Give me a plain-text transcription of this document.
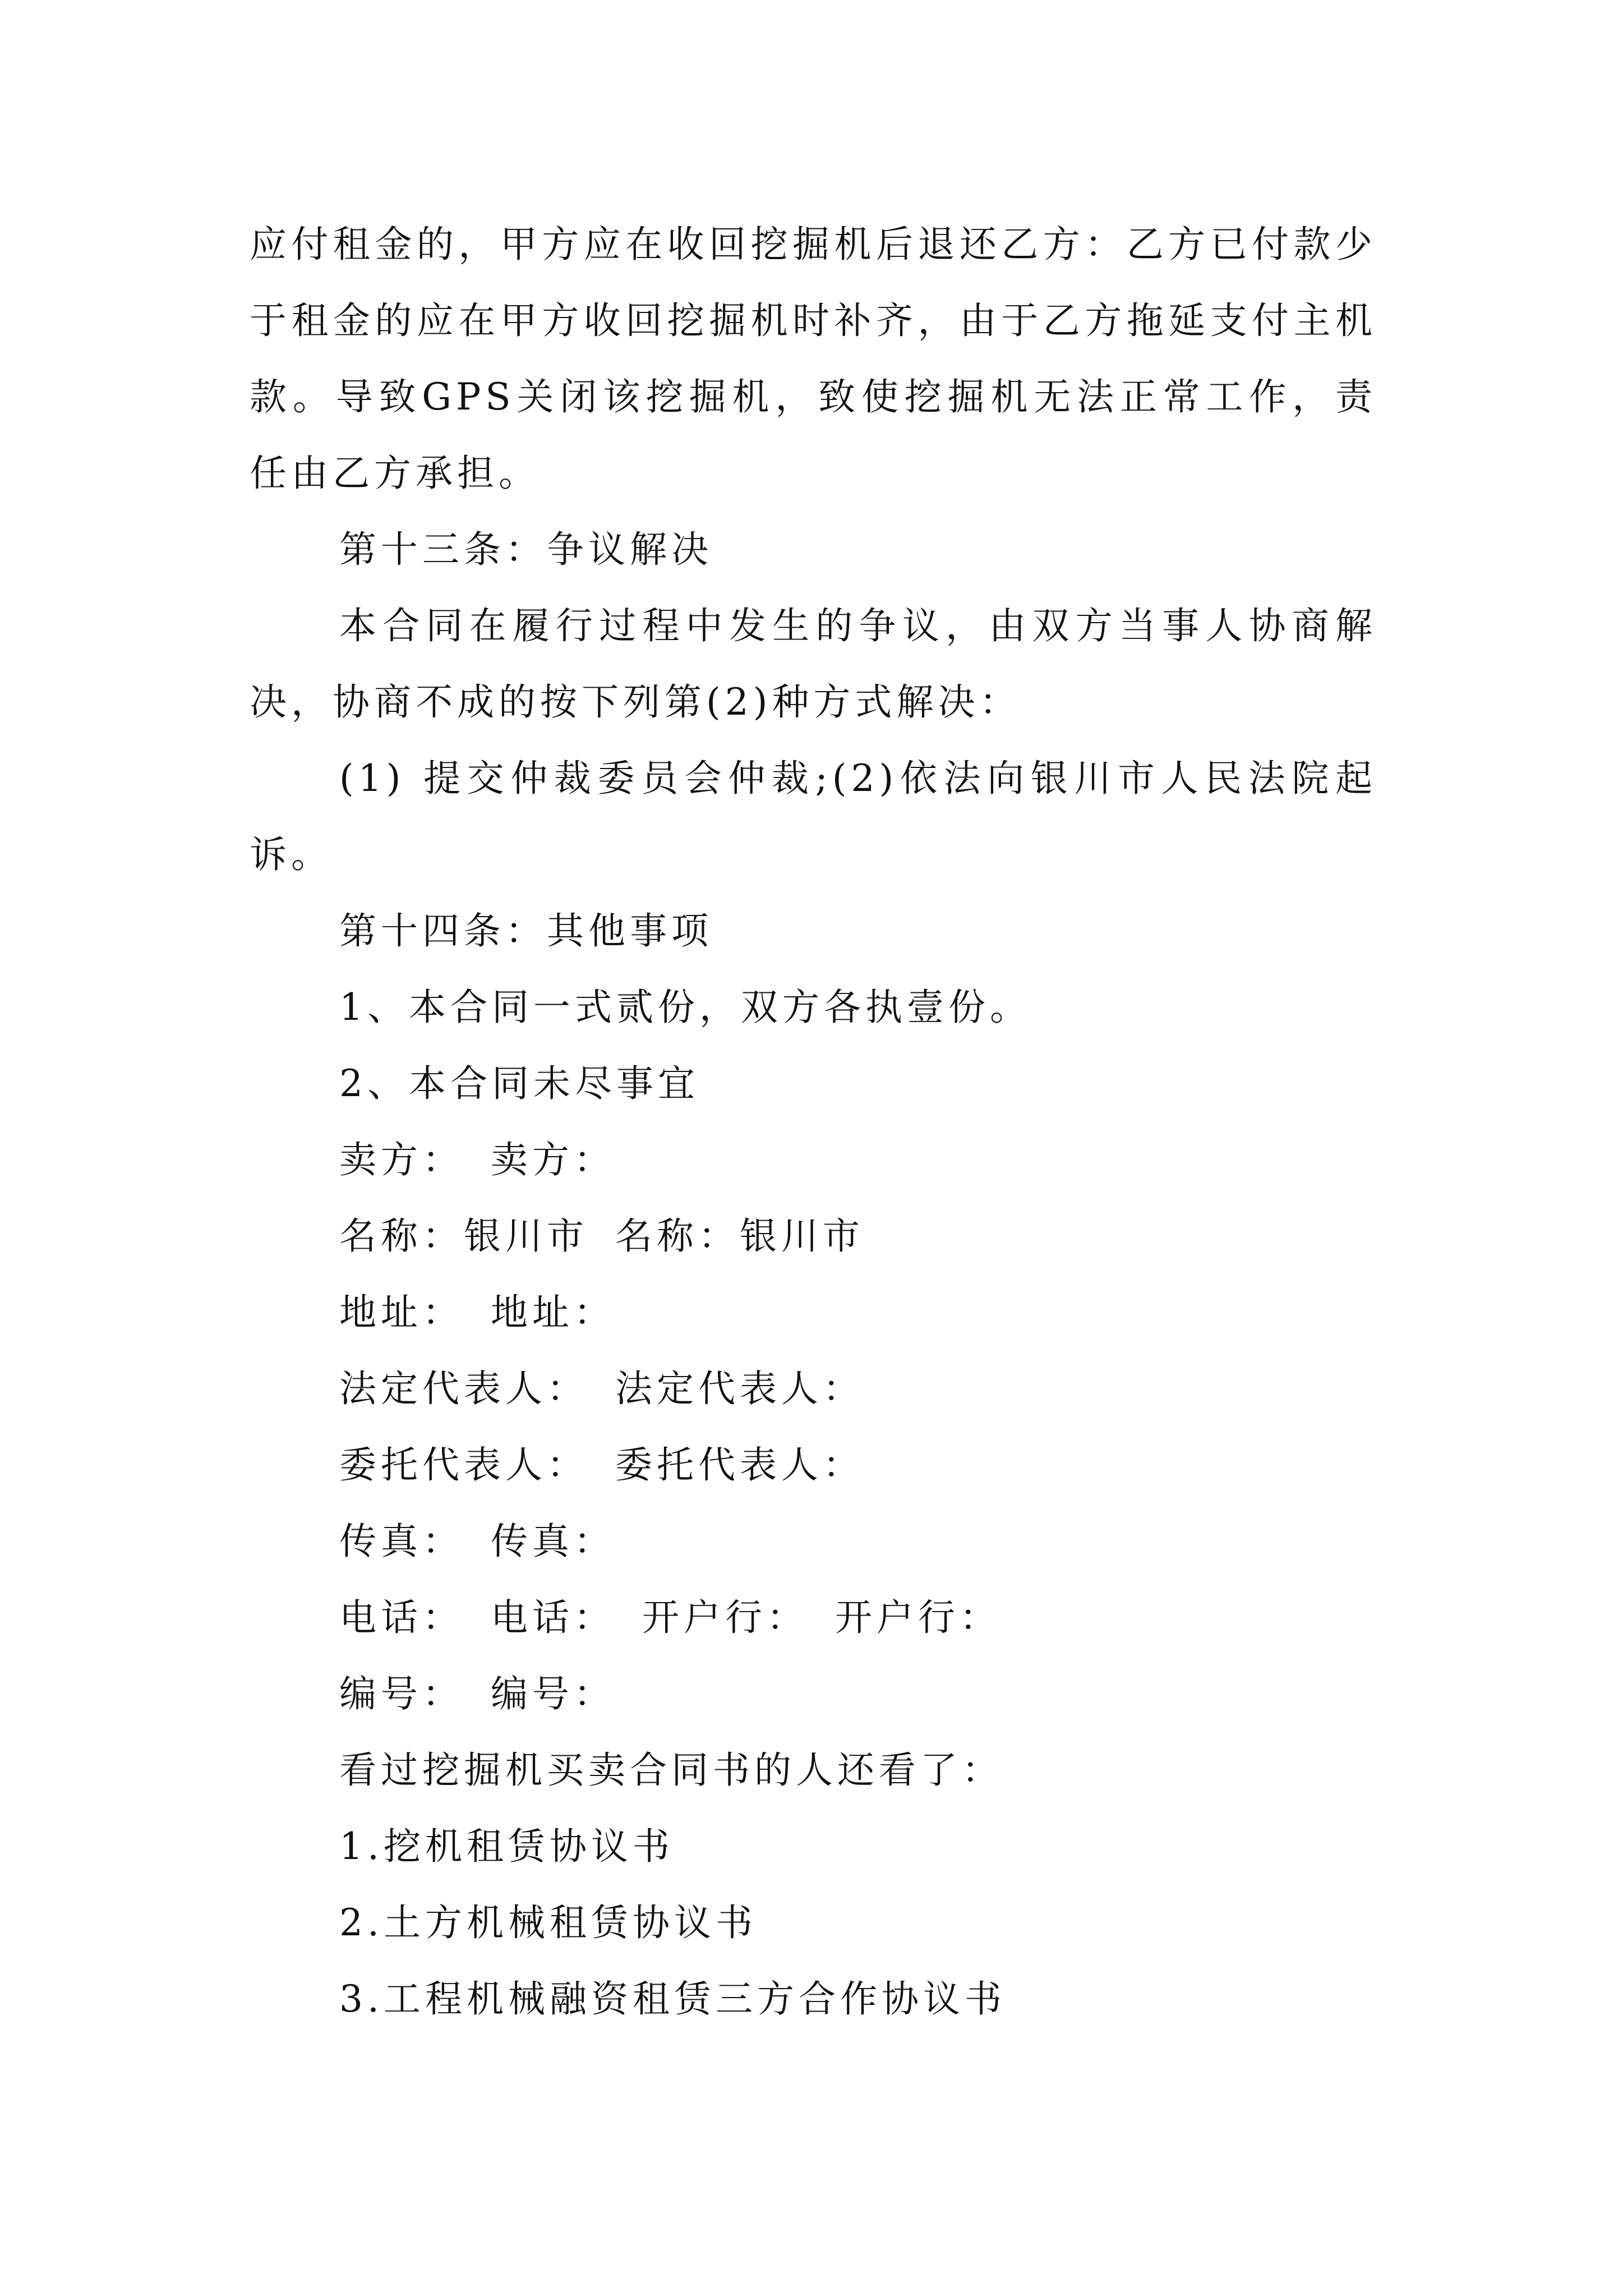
应付租金的，甲方应在收回挖掘机后退还乙方：乙方已付款少于租金的应在甲方收回挖掘机时补齐，由于乙方拖延支付主机款。导致GPS关闭该挖掘机，致使挖掘机无法正常工作，责任由乙方承担。

第十三条：争议解决

本合同在履行过程中发生的争议，由双方当事人协商解决，协商不成的按下列第(2)种方式解决：

(1) 提交仲裁委员会仲裁;(2)依法向银川市人民法院起诉。

第十四条：其他事项

1、本合同一式贰份，双方各执壹份。

2、本合同未尽事宜

卖方： 卖方：

名称：银川市 名称：银川市

地址： 地址：

法定代表人： 法定代表人：

委托代表人： 委托代表人：

传真： 传真：

电话： 电话： 开户行： 开户行：

编号： 编号：

看过挖掘机买卖合同书的人还看了：

1.挖机租赁协议书

2.土方机械租赁协议书

3.工程机械融资租赁三方合作协议书
